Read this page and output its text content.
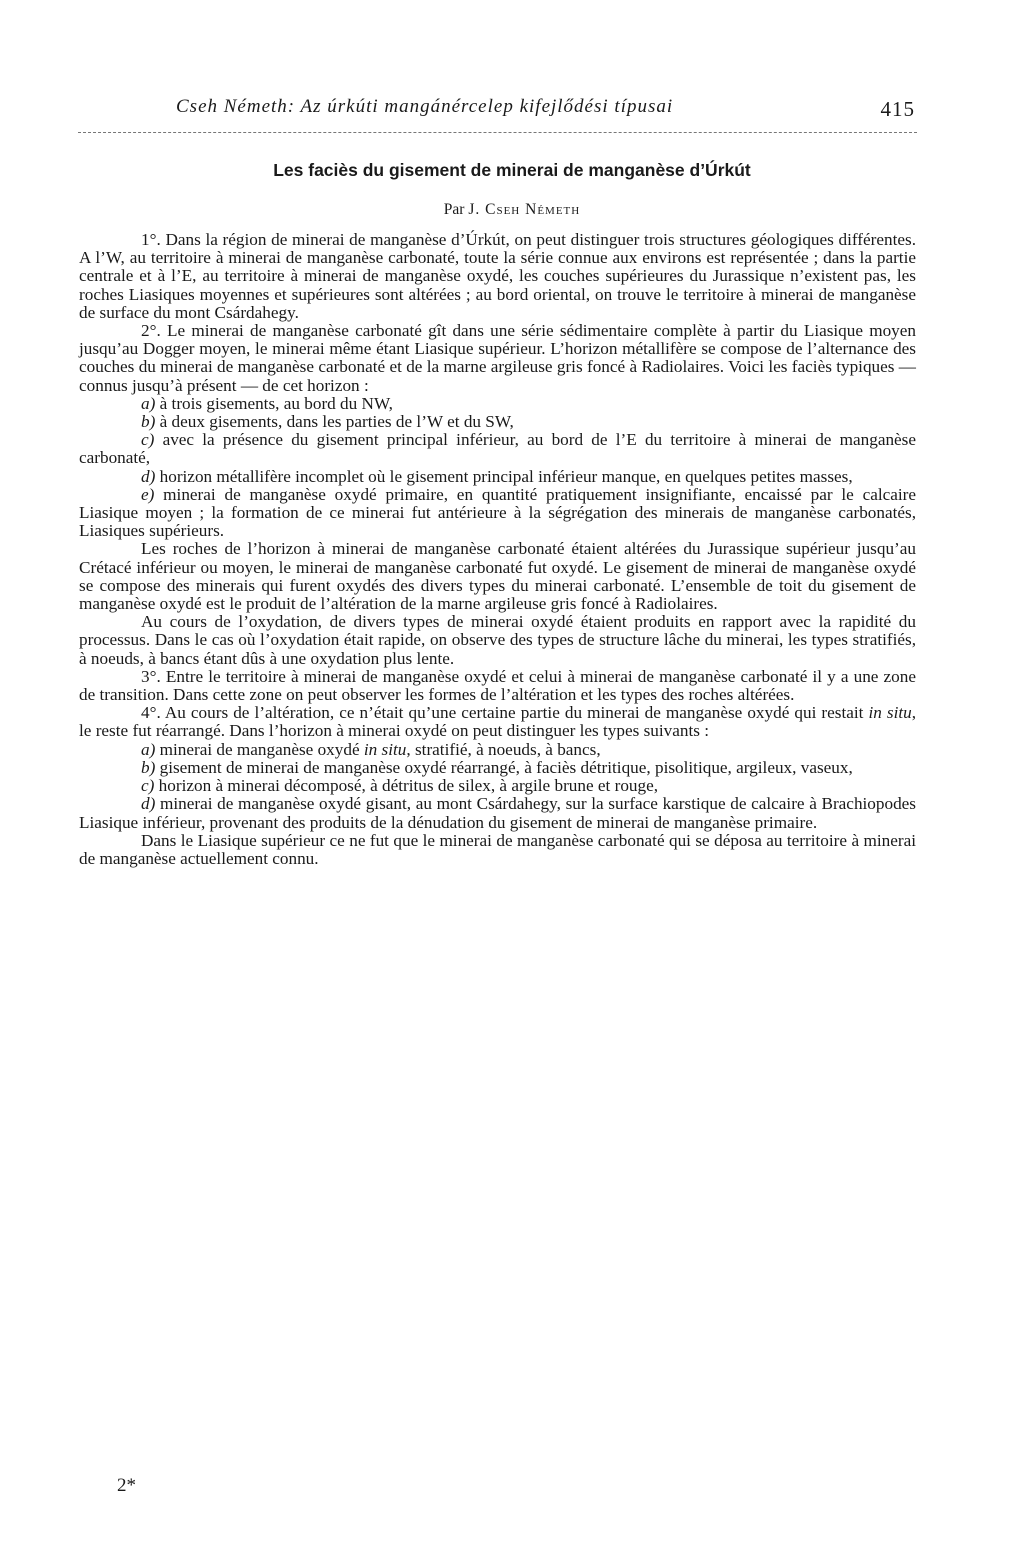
Cseh Németh: Az úrkúti mangánércelep kifejlődési típusai	415
Les faciès du gisement de minerai de manganèse d’Úrkút
Par J. Cseh Németh

1°. Dans la région de minerai de manganèse d’Úrkút, on peut distinguer trois structures géologiques différentes. A l’W, au territoire à minerai de manganèse carbonaté, toute la série connue aux environs est représentée ; dans la partie centrale et à l’E, au territoire à minerai de manganèse oxydé, les couches supérieures du Jurassique n’existent pas, les roches Liasiques moyennes et supérieures sont altérées ; au bord oriental, on trouve le territoire à minerai de manganèse de surface du mont Csárdahegy.

2°. Le minerai de manganèse carbonaté gît dans une série sédimentaire complète à partir du Liasique moyen jusqu’au Dogger moyen, le minerai même étant Liasique supérieur. L’horizon métallifère se compose de l’alternance des couches du minerai de manganèse carbonaté et de la marne argileuse gris foncé à Radiolaires. Voici les faciès typiques — connus jusqu’à présent — de cet horizon :

a) à trois gisements, au bord du NW,

b) à deux gisements, dans les parties de l’W et du SW,

c) avec la présence du gisement principal inférieur, au bord de l’E du territoire à minerai de manganèse carbonaté,

d) horizon métallifère incomplet où le gisement principal inférieur manque, en quelques petites masses,

e) minerai de manganèse oxydé primaire, en quantité pratiquement insignifiante, encaissé par le calcaire Liasique moyen ; la formation de ce minerai fut antérieure à la ségrégation des minerais de manganèse carbonatés, Liasiques supérieurs.

Les roches de l’horizon à minerai de manganèse carbonaté étaient altérées du Jurassique supérieur jusqu’au Crétacé inférieur ou moyen, le minerai de manganèse carbonaté fut oxydé. Le gisement de minerai de manganèse oxydé se compose des minerais qui furent oxydés des divers types du minerai carbonaté. L’ensemble de toit du gisement de manganèse oxydé est le produit de l’altération de la marne argileuse gris foncé à Radiolaires.

Au cours de l’oxydation, de divers types de minerai oxydé étaient produits en rapport avec la rapidité du processus. Dans le cas où l’oxydation était rapide, on observe des types de structure lâche du minerai, les types stratifiés, à noeuds, à bancs étant dûs à une oxydation plus lente.

3°. Entre le territoire à minerai de manganèse oxydé et celui à minerai de manganèse carbonaté il y a une zone de transition. Dans cette zone on peut observer les formes de l’altération et les types des roches altérées.

4°. Au cours de l’altération, ce n’était qu’une certaine partie du minerai de manganèse oxydé qui restait in situ, le reste fut réarrangé. Dans l’horizon à minerai oxydé on peut distinguer les types suivants :

a) minerai de manganèse oxydé in situ, stratifié, à noeuds, à bancs,

b) gisement de minerai de manganèse oxydé réarrangé, à faciès détritique, pisolitique, argileux, vaseux,

c) horizon à minerai décomposé, à détritus de silex, à argile brune et rouge,

d) minerai de manganèse oxydé gisant, au mont Csárdahegy, sur la surface karstique de calcaire à Brachiopodes Liasique inférieur, provenant des produits de la dénudation du gisement de minerai de manganèse primaire.

Dans le Liasique supérieur ce ne fut que le minerai de manganèse carbonaté qui se déposa au territoire à minerai de manganèse actuellement connu.

2*
